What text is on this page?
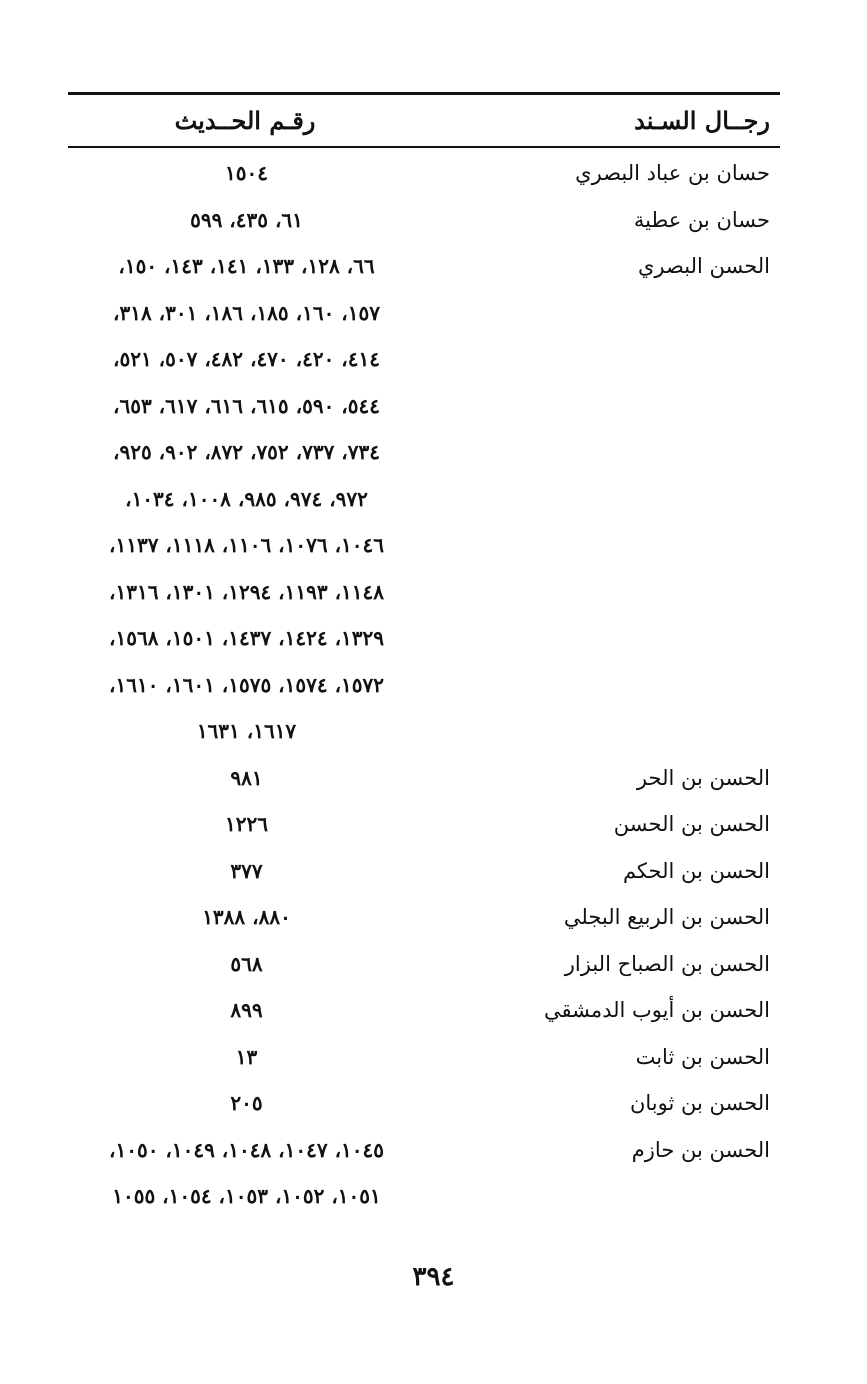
رجــال السـند
رقـم الحــديث
حسان بن عباد البصري
١٥٠٤
حسان بن عطية
٦١، ٤٣٥، ٥٩٩
الحسن البصري
٦٦، ١٢٨، ١٣٣، ١٤١، ١٤٣، ١٥٠،
١٥٧، ١٦٠، ١٨٥، ١٨٦، ٣٠١، ٣١٨،
٤١٤، ٤٢٠، ٤٧٠، ٤٨٢، ٥٠٧، ٥٢١،
٥٤٤، ٥٩٠، ٦١٥، ٦١٦، ٦١٧، ٦٥٣،
٧٣٤، ٧٣٧، ٧٥٢، ٨٧٢، ٩٠٢، ٩٢٥،
٩٧٢، ٩٧٤، ٩٨٥، ١٠٠٨، ١٠٣٤،
١٠٤٦، ١٠٧٦، ١١٠٦، ١١١٨، ١١٣٧،
١١٤٨، ١١٩٣، ١٢٩٤، ١٣٠١، ١٣١٦،
١٣٢٩، ١٤٢٤، ١٤٣٧، ١٥٠١، ١٥٦٨،
١٥٧٢، ١٥٧٤، ١٥٧٥، ١٦٠١، ١٦١٠،
١٦١٧، ١٦٣١
الحسن بن الحر
٩٨١
الحسن بن الحسن
١٢٢٦
الحسن بن الحكم
٣٧٧
الحسن بن الربيع البجلي
٨٨٠، ١٣٨٨
الحسن بن الصباح البزار
٥٦٨
الحسن بن أيوب الدمشقي
٨٩٩
الحسن بن ثابت
١٣
الحسن بن ثوبان
٢٠٥
الحسن بن حازم
١٠٤٥، ١٠٤٧، ١٠٤٨، ١٠٤٩، ١٠٥٠،
١٠٥١، ١٠٥٢، ١٠٥٣، ١٠٥٤، ١٠٥٥
٣٩٤
